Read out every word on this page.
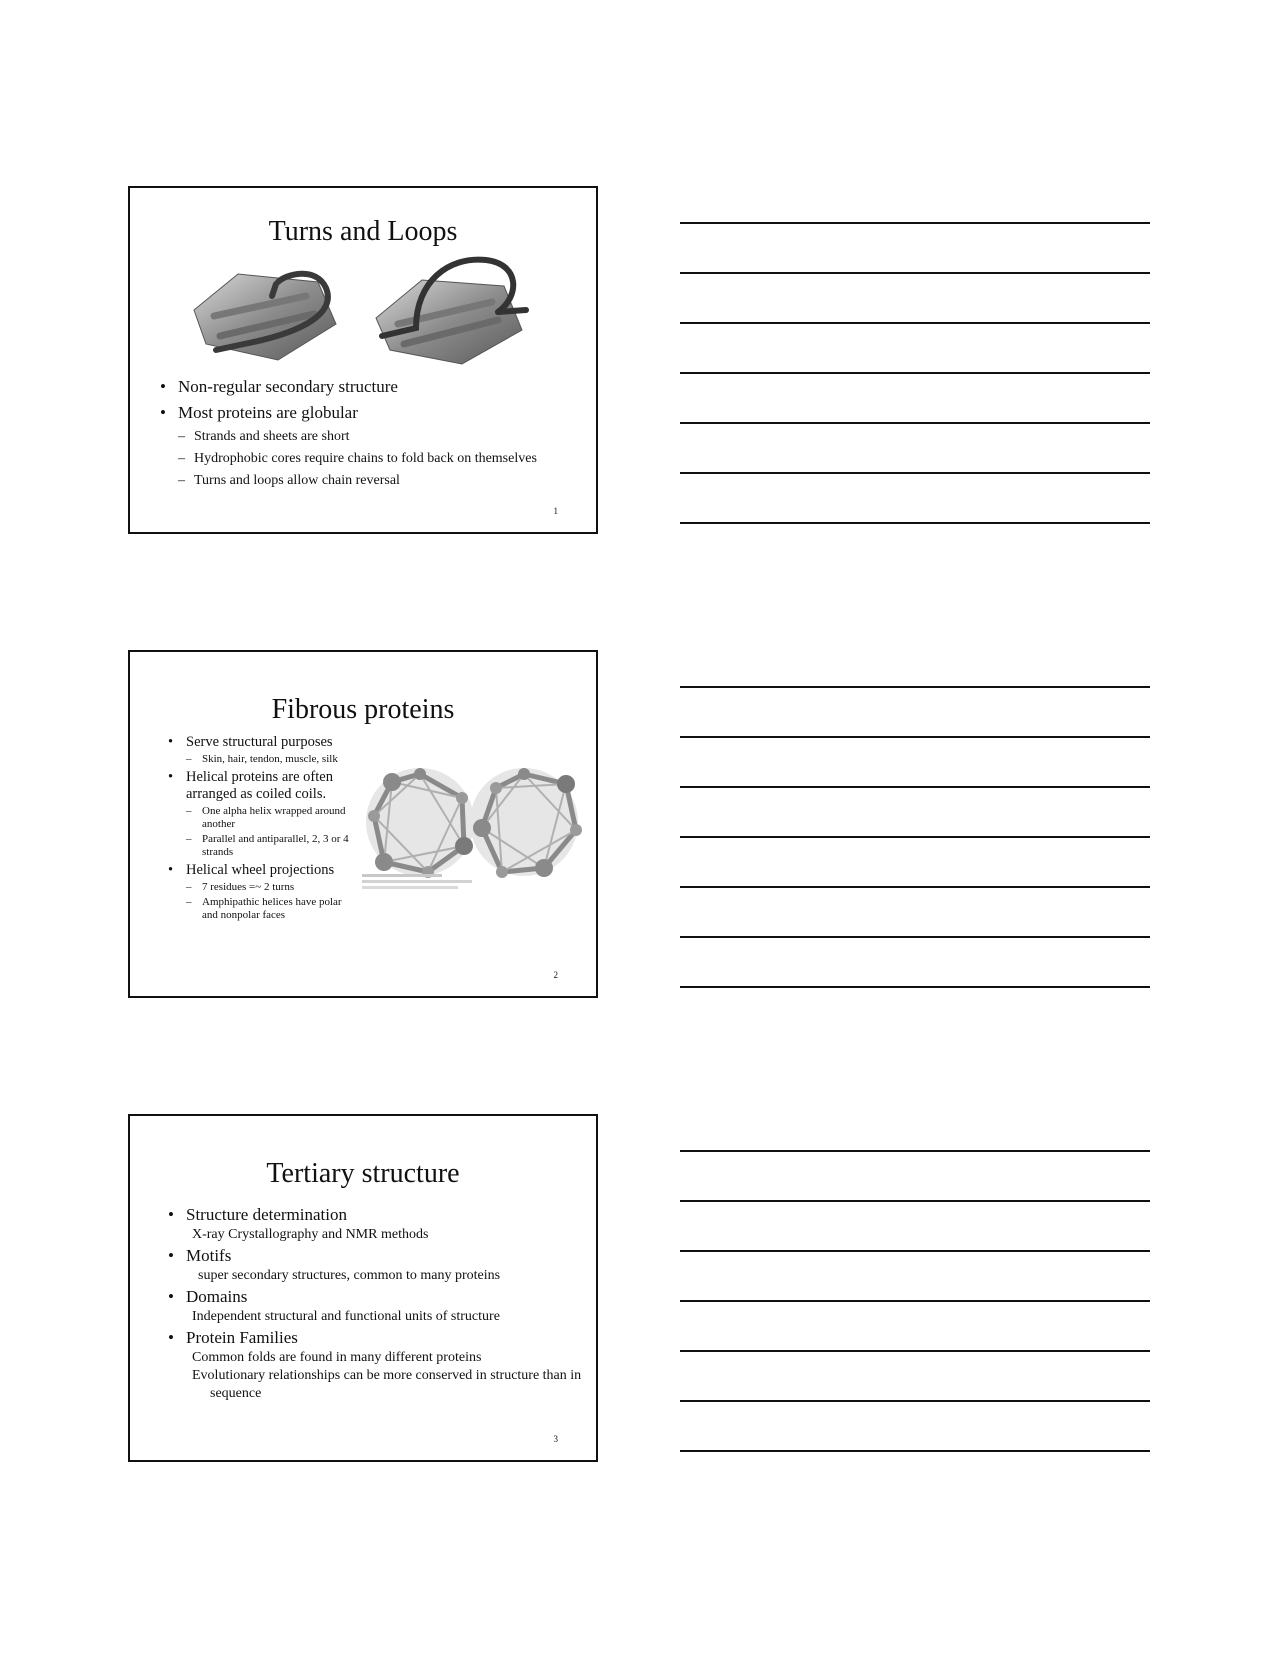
Turns and Loops
• Non-regular secondary structure
• Most proteins are globular
– Strands and sheets are short
– Hydrophobic cores require chains to fold back on themselves
– Turns and loops allow chain reversal
1
Fibrous proteins
• Serve structural purposes
– Skin, hair, tendon, muscle, silk
• Helical proteins are often arranged as coiled coils.
– One alpha helix wrapped around another
– Parallel and antiparallel, 2, 3 or 4 strands
• Helical wheel projections
– 7 residues =~ 2 turns
– Amphipathic helices have polar and nonpolar faces
2
Tertiary structure
• Structure determination
X-ray Crystallography and NMR methods
• Motifs
super secondary structures, common to many proteins
• Domains
Independent structural and functional units of structure
• Protein Families
Common folds are found in many different proteins
Evolutionary relationships can be more conserved in structure than in sequence
3
